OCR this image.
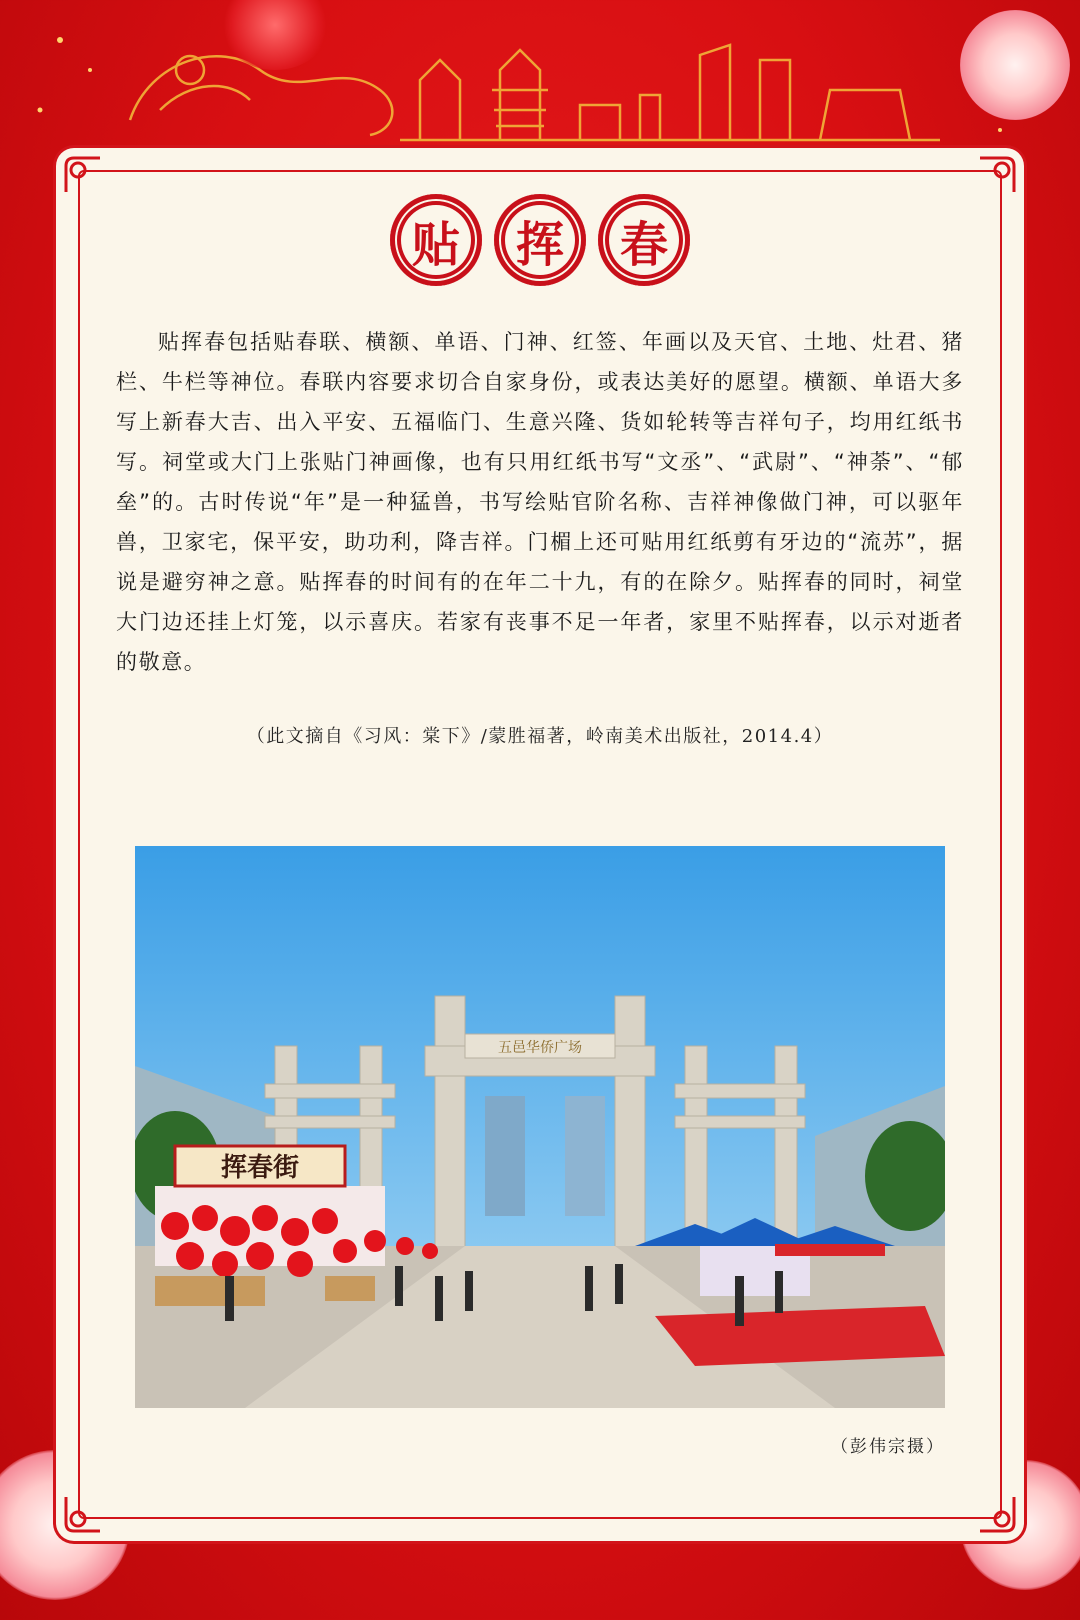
贴 挥 春

贴挥春包括贴春联、横额、单语、门神、红签、年画以及天官、土地、灶君、猪栏、牛栏等神位。春联内容要求切合自家身份，或表达美好的愿望。横额、单语大多写上新春大吉、出入平安、五福临门、生意兴隆、货如轮转等吉祥句子，均用红纸书写。祠堂或大门上张贴门神画像，也有只用红纸书写“文丞”、“武尉”、“神荼”、“郁垒”的。古时传说“年”是一种猛兽，书写绘贴官阶名称、吉祥神像做门神，可以驱年兽，卫家宅，保平安，助功利，降吉祥。门楣上还可贴用红纸剪有牙边的“流苏”，据说是避穷神之意。贴挥春的时间有的在年二十九，有的在除夕。贴挥春的同时，祠堂大门边还挂上灯笼，以示喜庆。若家有丧事不足一年者，家里不贴挥春，以示对逝者的敬意。

（此文摘自《习风：棠下》/蒙胜福著，岭南美术出版社，2014.4）
五邑华侨广场
挥春街
（彭伟宗摄）
